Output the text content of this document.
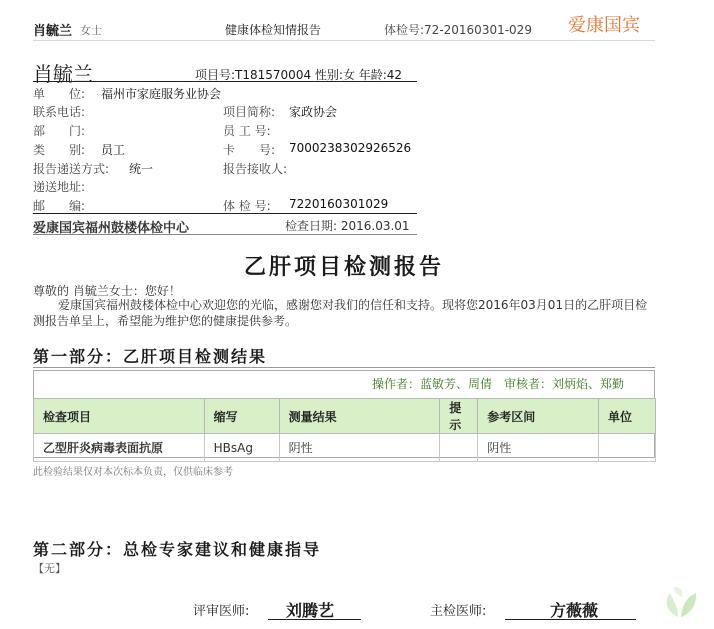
肖毓兰 女士	健康体检知情报告	体检号:72-20160301-029 爱康国宾
肖毓兰	项目号:T181570004 性别:女 年龄:42
单　　位: 福州市家庭服务业协会
联系电话:	项目简称: 家政协会
部　　门:	员 工 号:
类　　别: 员工	卡　　号: 7000238302926526
报告递送方式: 统一	报告接收人:
递送地址:
邮　　编:	体 检 号: 7220160301029
爱康国宾福州鼓楼体检中心	检查日期: 2016.03.01
乙肝项目检测报告
尊敬的 肖毓兰女士：您好！
爱康国宾福州鼓楼体检中心欢迎您的光临，感谢您对我们的信任和支持。现将您2016年03月01日的乙肝项目检测报告单呈上，希望能为维护您的健康提供参考。
第一部分：乙肝项目检测结果
操作者：蓝敏芳、周倩　审核者：刘炳焰、郑勤
检查项目	缩写	测量结果	提示	参考区间	单位
乙型肝炎病毒表面抗原	HBsAg	阴性		阴性	
此检验结果仅对本次标本负责，仅供临床参考
第二部分：总检专家建议和健康指导
【无】
评审医师: 刘腾艺	主检医师:	方薇薇
